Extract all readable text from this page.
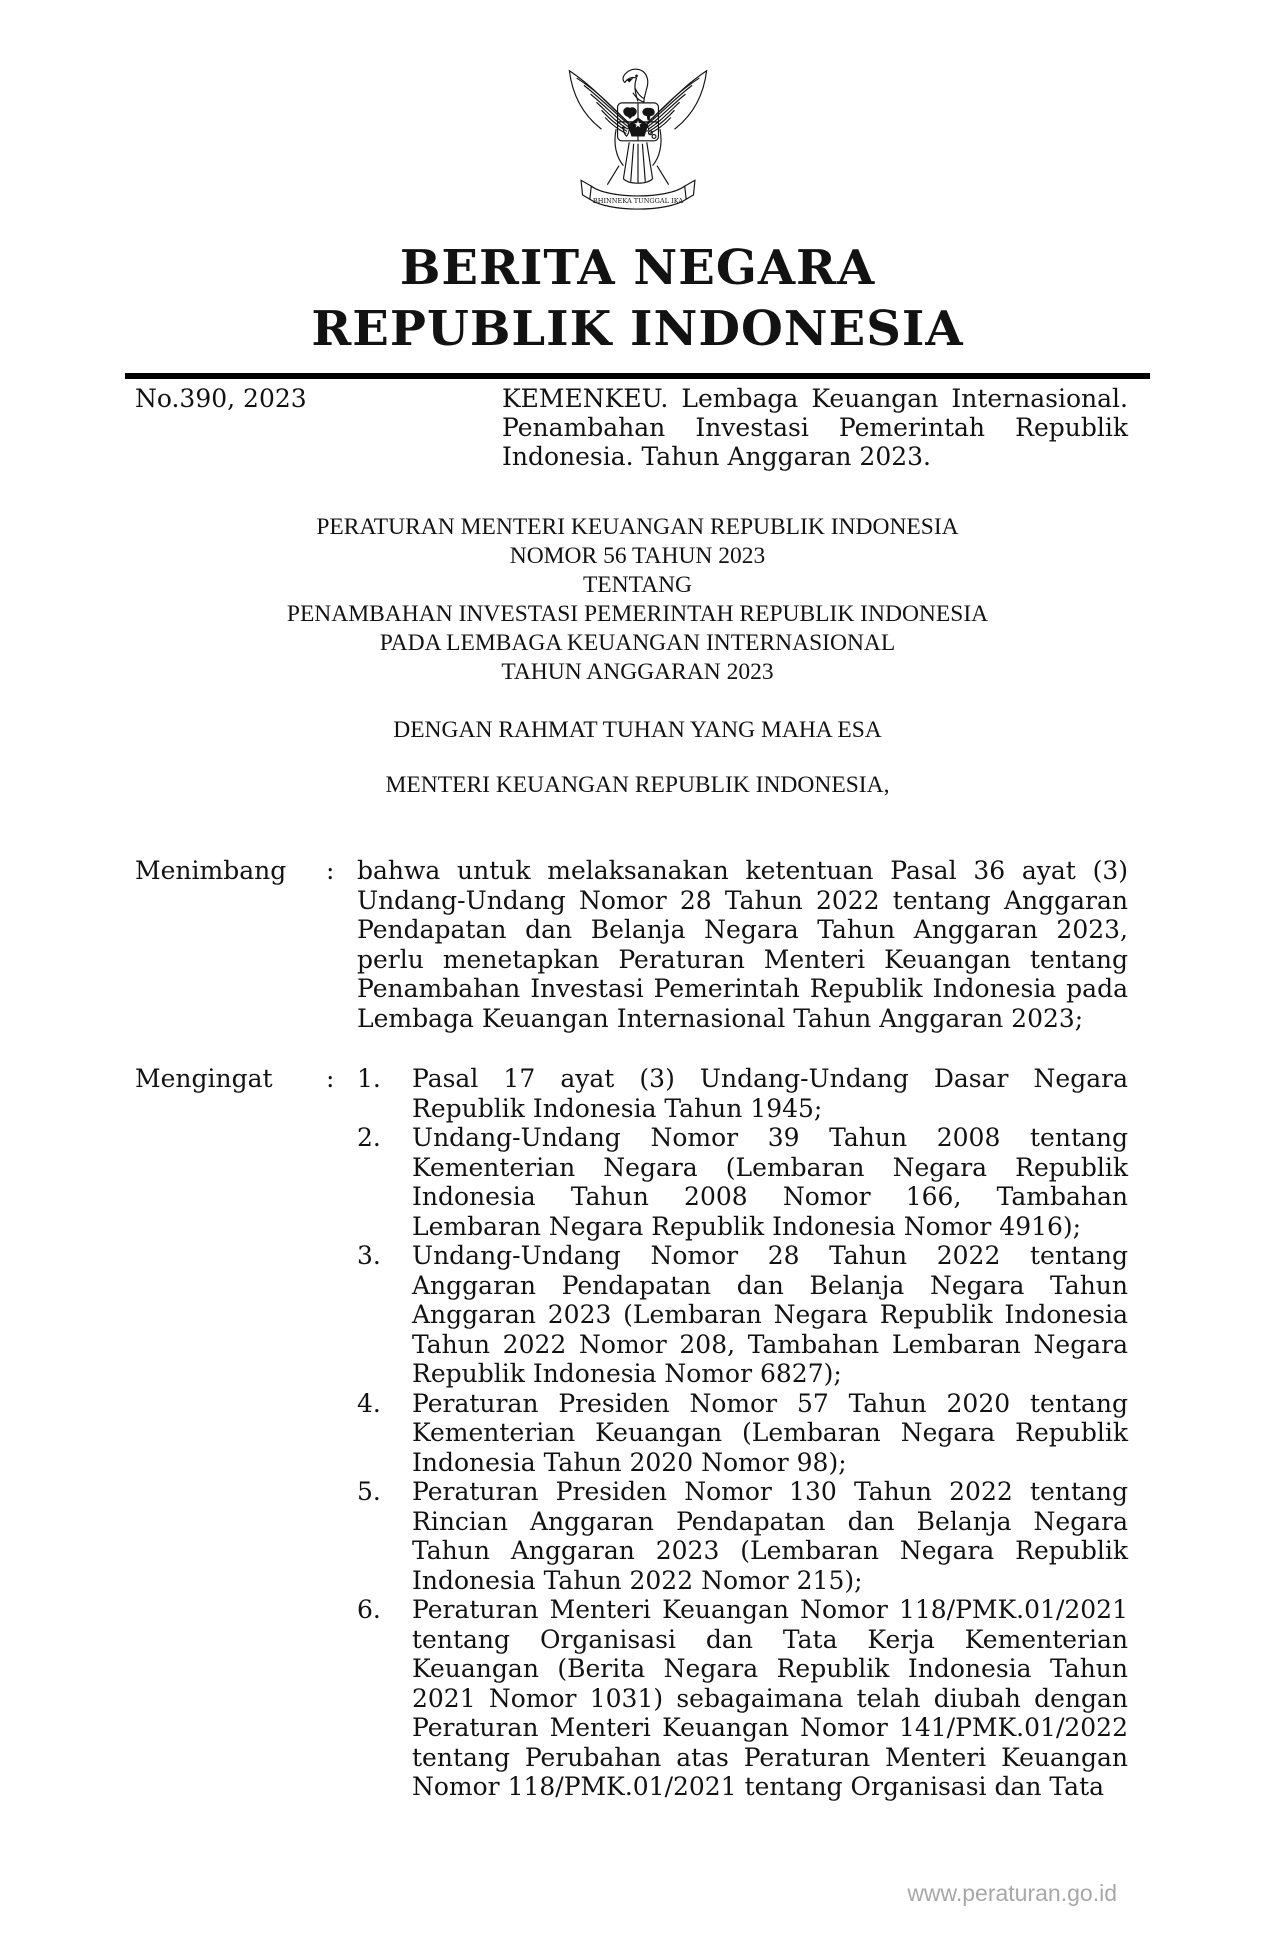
BHINNEKA TUNGGAL IKA
BERITA NEGARA
REPUBLIK INDONESIA
No.390, 2023	KEMENKEU. Lembaga Keuangan Internasional. Penambahan Investasi Pemerintah Republik Indonesia. Tahun Anggaran 2023.
PERATURAN MENTERI KEUANGAN REPUBLIK INDONESIA
NOMOR 56 TAHUN 2023
TENTANG
PENAMBAHAN INVESTASI PEMERINTAH REPUBLIK INDONESIA
PADA LEMBAGA KEUANGAN INTERNASIONAL
TAHUN ANGGARAN 2023
DENGAN RAHMAT TUHAN YANG MAHA ESA
MENTERI KEUANGAN REPUBLIK INDONESIA,
Menimbang	: bahwa untuk melaksanakan ketentuan Pasal 36 ayat (3) Undang-Undang Nomor 28 Tahun 2022 tentang Anggaran Pendapatan dan Belanja Negara Tahun Anggaran 2023, perlu menetapkan Peraturan Menteri Keuangan tentang Penambahan Investasi Pemerintah Republik Indonesia pada Lembaga Keuangan Internasional Tahun Anggaran 2023;
Mengingat	: 1.	Pasal 17 ayat (3) Undang-Undang Dasar Negara Republik Indonesia Tahun 1945;
2.	Undang-Undang Nomor 39 Tahun 2008 tentang Kementerian Negara (Lembaran Negara Republik Indonesia Tahun 2008 Nomor 166, Tambahan Lembaran Negara Republik Indonesia Nomor 4916);
3.	Undang-Undang Nomor 28 Tahun 2022 tentang Anggaran Pendapatan dan Belanja Negara Tahun Anggaran 2023 (Lembaran Negara Republik Indonesia Tahun 2022 Nomor 208, Tambahan Lembaran Negara Republik Indonesia Nomor 6827);
4.	Peraturan Presiden Nomor 57 Tahun 2020 tentang Kementerian Keuangan (Lembaran Negara Republik Indonesia Tahun 2020 Nomor 98);
5.	Peraturan Presiden Nomor 130 Tahun 2022 tentang Rincian Anggaran Pendapatan dan Belanja Negara Tahun Anggaran 2023 (Lembaran Negara Republik Indonesia Tahun 2022 Nomor 215);
6.	Peraturan Menteri Keuangan Nomor 118/PMK.01/2021 tentang Organisasi dan Tata Kerja Kementerian Keuangan (Berita Negara Republik Indonesia Tahun 2021 Nomor 1031) sebagaimana telah diubah dengan Peraturan Menteri Keuangan Nomor 141/PMK.01/2022 tentang Perubahan atas Peraturan Menteri Keuangan Nomor 118/PMK.01/2021 tentang Organisasi dan Tata
www.peraturan.go.id
